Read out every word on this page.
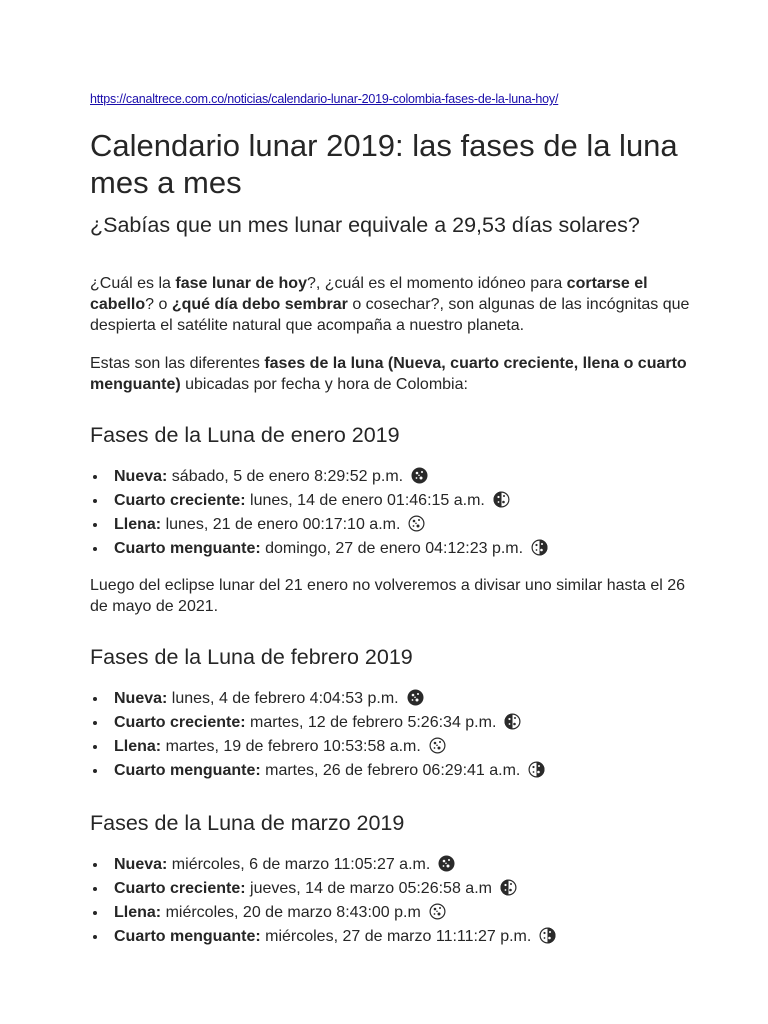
https://canaltrece.com.co/noticias/calendario-lunar-2019-colombia-fases-de-la-luna-hoy/
Calendario lunar 2019: las fases de la luna mes a mes
¿Sabías que un mes lunar equivale a 29,53 días solares?

¿Cuál es la fase lunar de hoy?, ¿cuál es el momento idóneo para cortarse el cabello? o ¿qué día debo sembrar o cosechar?, son algunas de las incógnitas que despierta el satélite natural que acompaña a nuestro planeta.

Estas son las diferentes fases de la luna (Nueva, cuarto creciente, llena o cuarto menguante) ubicadas por fecha y hora de Colombia:

Fases de la Luna de enero 2019
Nueva: sábado, 5 de enero 8:29:52 p.m.
Cuarto creciente: lunes, 14 de enero 01:46:15 a.m.
Llena: lunes, 21 de enero 00:17:10 a.m.
Cuarto menguante: domingo, 27 de enero 04:12:23 p.m.

Luego del eclipse lunar del 21 enero no volveremos a divisar uno similar hasta el 26 de mayo de 2021.

Fases de la Luna de febrero 2019
Nueva: lunes, 4 de febrero 4:04:53 p.m.
Cuarto creciente: martes, 12 de febrero 5:26:34 p.m.
Llena: martes, 19 de febrero 10:53:58 a.m.
Cuarto menguante: martes, 26 de febrero 06:29:41 a.m.
Fases de la Luna de marzo 2019
Nueva: miércoles, 6 de marzo 11:05:27 a.m.
Cuarto creciente: jueves, 14 de marzo 05:26:58 a.m
Llena: miércoles, 20 de marzo 8:43:00 p.m
Cuarto menguante: miércoles, 27 de marzo 11:11:27 p.m.
